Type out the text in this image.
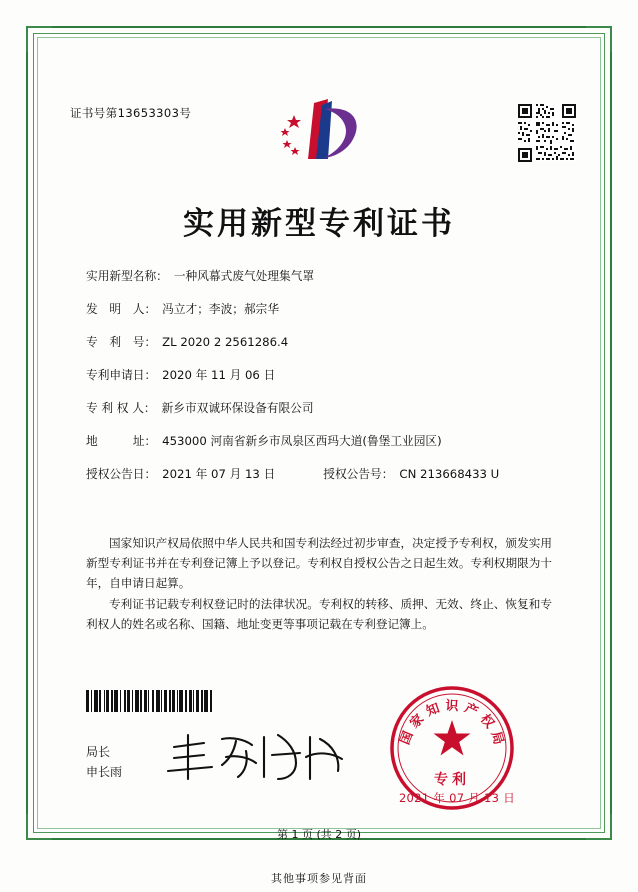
证书号第13653303号
实用新型专利证书
实用新型名称： 一种风幕式废气处理集气罩
发　明　人： 冯立才；李波；郝宗华
专　利　号： ZL 2020 2 2561286.4
专利申请日： 2020 年 11 月 06 日
专 利 权 人： 新乡市双诚环保设备有限公司
地　　　址： 453000 河南省新乡市凤泉区西玛大道(鲁堡工业园区)
授权公告日： 2021 年 07 月 13 日	授权公告号： CN 213668433 U

国家知识产权局依照中华人民共和国专利法经过初步审查，决定授予专利权，颁发实用新型专利证书并在专利登记簿上予以登记。专利权自授权公告之日起生效。专利权期限为十年，自申请日起算。

专利证书记载专利权登记时的法律状况。专利权的转移、质押、无效、终止、恢复和专利权人的姓名或名称、国籍、地址变更等事项记载在专利登记簿上。

局长
申长雨
国家知识产权局
专利
2021 年 07 月 13 日
第 1 页 (共 2 页)
其他事项参见背面
